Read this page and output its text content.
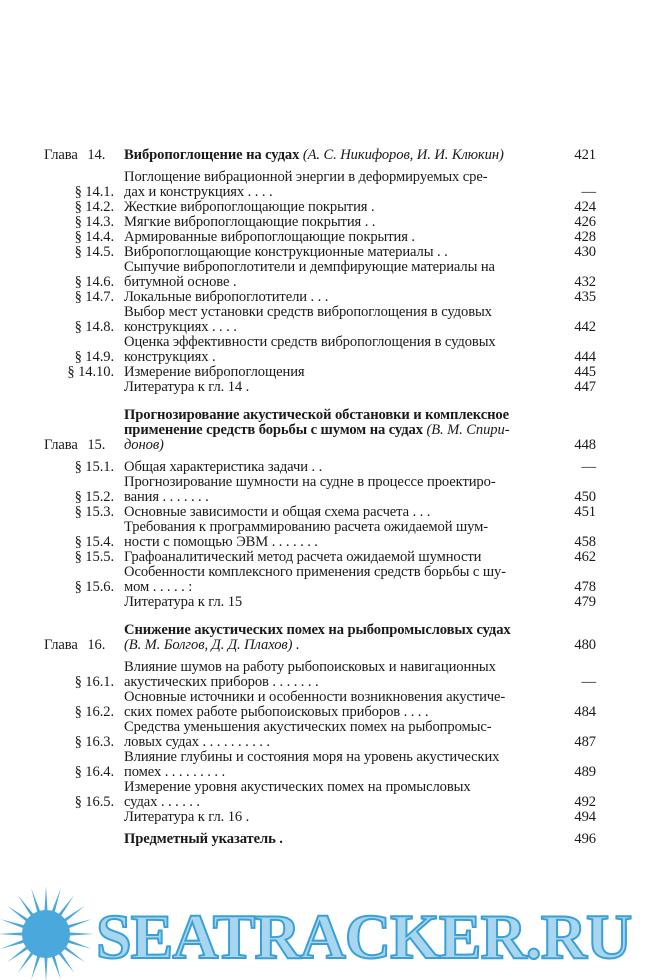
Глава 14.	Вибропоглощение на судах (А. С. Никифоров, И. И. Клюкин)	421
§ 14.1.
Поглощение вибрационной энергии в деформируемых сре-
дах и конструкциях . . . .	—
§ 14.2. Жесткие вибропоглощающие покрытия .	424
§ 14.3. Мягкие вибропоглощающие покрытия . .	426
§ 14.4. Армированные вибропоглощающие покрытия .	428
§ 14.5. Вибропоглощающие конструкционные материалы . .	430
§ 14.6.
Сыпучие вибропоглотители и демпфирующие материалы на
битумной основе .	432
§ 14.7. Локальные вибропоглотители . . .	435
§ 14.8.
Выбор мест установки средств вибропоглощения в судовых
конструкциях . . . .	442
§ 14.9.
Оценка эффективности средств вибропоглощения в судовых
конструкциях .	444
§ 14.10. Измерение вибропоглощения	445
Литература к гл. 14 .	447
Глава 15.
Прогнозирование акустической обстановки и комплексное
применение средств борьбы с шумом на судах (В. М. Спири-
донов)	448
§ 15.1. Общая характеристика задачи . .	—
§ 15.2.
Прогнозирование шумности на судне в процессе проектиро-
вания . . . . . . .	450
§ 15.3. Основные зависимости и общая схема расчета . . .	451
§ 15.4.
Требования к программированию расчета ожидаемой шум-
ности с помощью ЭВМ . . . . . . .	458
§ 15.5. Графоаналитический метод расчета ожидаемой шумности	462
§ 15.6.
Особенности комплексного применения средств борьбы с шу-
мом . . . . . :	478
Литература к гл. 15	479
Глава 16.
Снижение акустических помех на рыбопромысловых судах
(В. М. Болгов, Д. Д. Плахов) .	480
§ 16.1.
Влияние шумов на работу рыбопоисковых и навигационных
акустических приборов . . . . . . .	—
§ 16.2.
Основные источники и особенности возникновения акустиче-
ских помех работе рыбопоисковых приборов . . . .	484
§ 16.3.
Средства уменьшения акустических помех на рыбопромыс-
ловых судах . . . . . . . . . .	487
§ 16.4.
Влияние глубины и состояния моря на уровень акустических
помех . . . . . . . . .	489
§ 16.5.
Измерение уровня акустических помех на промысловых
судах . . . . . .	492
Литература к гл. 16 .	494
Предметный указатель .	496
SEATRACKER.RU
